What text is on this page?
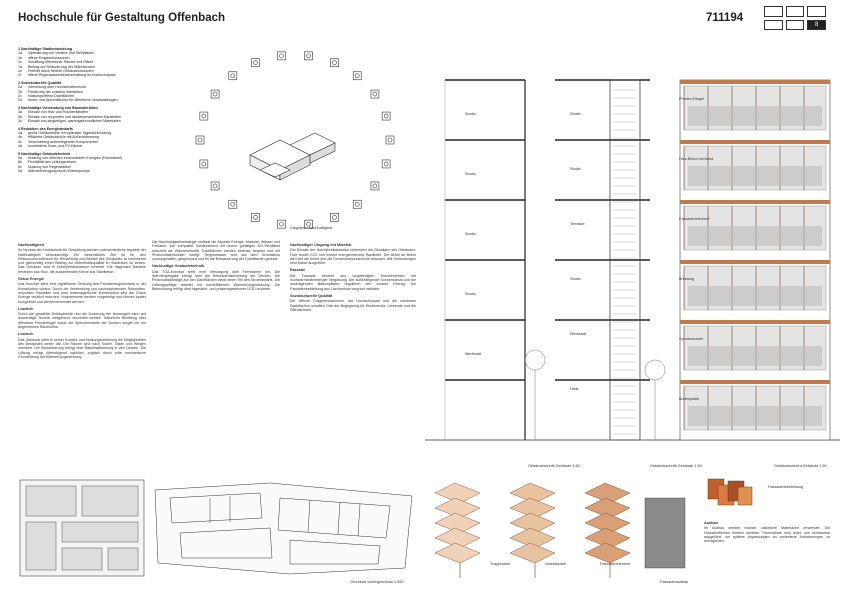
Hochschule für Gestaltung Offenbach	711194
8
1 Nachhaltige Stadtentwicklung
1a	Optimierung von Verkehr und Stellplätzen
1b	offene Erdgeschosszonen
1c	Schaffung öffentlicher Räume und Plätze
1d	Beitrag zur Reduzierung der Wärmeinseln
1e	Freiheit durch flexible Gebäudestrukturen
1f	offene Regenwasserbewirtschaftung im Hochschulpark
2 Soziokulturelle Qualität
2a	Vernetzung über Hochschulbereiche
2b	Förderung der sozialen Interaktion
2c	Nutzungsoffene Dachflächen
2d	Innen- und Außenflächen für öffentliche Veranstaltungen
3 Nachhaltige Verwendung von Baumaterialien
3a	Einsatz von Holz und Holzwerkstoffen
3b	Einsatz von recycelten und wiederverwendeten Baustoffen
3c	Einsatz von langlebigen, wartungsfreundlichen Materialien
4 Reduktion des Energiebedarfs
4a	große Gebäudetiefe mit optimaler Tageslichtnutzung
4b	effiziente Gebäudehülle mit Außendämmung
4c	Verschattung außenliegender Komponenten
4d	kombinierte Solar- und PV-Dächer
5 Nachhaltige Gebäudetechnik
5a	Nutzung von örtlichen erneuerbaren Energien (Fernwärme)
5b	Flexibilität des Leitungsnetzes
5c	Nutzung von Regenwasser
5d	Wärmeerzeugung durch Wärmepumpe
Diagramm Nachhaltigkeit
Nachhaltigkeit
Im Neubau der Hochschule für Gestaltung werden unterschiedliche Aspekte der Nachhaltigkeit berücksichtigt. Ein wesentliches Ziel ist es, den Ressourcenverbrauch für Herstellung und Betrieb des Gebäudes zu minimieren und gleichzeitig einen Beitrag zur Aufenthaltsqualität im Stadtraum zu leisten. Das Gebäude wird in Holzhybridbauweise errichtet. Die tragenden Bauteile bestehen aus Holz, die aussteifenden Kerne aus Stahlbeton.
Graue Energie
Das Konzept setzt eine signifikante Senkung des Primärenergiebedarfs in der Konstruktion voraus. Durch die Verwendung von nachwachsenden Rohstoffen, recycelten Bauteilen und eine materialgerechte Konstruktion wird die Graue Energie deutlich reduziert. Holzelemente werden vorgefertigt und können später rückgebaut und wiederverwendet werden.
Lowtech
Durch die gewählte Gebäudetiefe und die Zonierung der Nutzungen kann auf aufwendige Technik weitgehend verzichtet werden. Natürliche Belüftung über öffenbare Fensterflügel sowie die Speichermasse der Decken sorgen für ein angenehmes Raumklima.
Lowtech
Das Gebäude stellt in seiner Kubatur und Nutzungsverteilung die Möglichkeiten des Bestandes weiter dar. Die Räume sind nach Süden, Osten und Westen orientiert. Die Klimatisierung erfolgt über Bauteilaktivierung in den Decken. Die Lüftung erfolgt überwiegend natürlich, ergänzt durch eine mechanische Grundlüftung mit Wärmerückgewinnung.
Die Nachhaltigkeitsstrategie umfasst die Aspekte Energie, Material, Wasser und Freiraum. Die kompakte Gebäudeform mit einem günstigen A/V-Verhältnis reduziert die Wärmeverluste. Dachflächen werden extensiv begrünt und mit Photovoltaikmodulen belegt. Regenwasser wird auf dem Grundstück zurückgehalten, gespeichert und für die Bewässerung der Grünflächen genutzt.
Nachhaltige Gebäudetechnik
Das TGA-Konzept sieht eine Versorgung über Fernwärme vor. Die Wärmeübergabe erfolgt über die Betonkernaktivierung der Decken. Die Photovoltaikanlage auf den Dachflächen deckt einen Teil des Strombedarfs. Die Lüftungsanlage arbeitet mit hocheffizienter Wärmerückgewinnung. Die Beleuchtung erfolgt über tageslicht- und präsenzgesteuerte LED-Leuchten.
Nachhaltiger Umgang mit Material
Der Einsatz der Holzhybridbauweise verbessert die Ökobilanz des Gebäudes. Holz bindet CO2 und ersetzt energieintensive Baustoffe. Der Anteil an Beton wird auf die Kerne und die Deckenverbundschicht reduziert. Alle Verbindungen sind lösbar ausgeführt.
Fassade
Die Fassade besteht aus vorgefertigten Holzelementen mit hochwärmedämmender Verglasung. Der außenliegende Sonnenschutz und die auskragenden Balkonplatten regulieren den solaren Eintrag. Die Fassadenbekleidung aus Lärchenholz vergraut natürlich.
Soziokulturelle Qualität
Die offenen Erdgeschosszonen, der Hochschulpark und die nutzbaren Dachflächen schaffen Orte der Begegnung für Studierende, Lehrende und die Öffentlichkeit.
Grundriss Untergeschoss 1:500
Studio
Studio
Studio
Studio
Werkstatt
Studio
Studio
Terrasse
Studio
Werkstatt
Halle
Pfosten-Riegel
Holz-Beton-Verbund
Fassadenelement
Brüstung
Sonnenschutz
Bodenplatte
Gebäudeschnitt Gebäude 1:50	Gebäudeschnitt Gebäude 1:50	Gebäudeansicht Gebäude 1:50
Tragstruktur	Holzfassade	Fassadenelement
Fassadenaufbau
Fassadenbekleidung
Ausbau
Im Ausbau werden robuste, natürliche Materialien verwendet. Die Holzoberflächen bleiben sichtbar. Trennwände sind leicht und rückbaubar ausgeführt, um spätere Anpassungen an veränderte Anforderungen zu ermöglichen.
